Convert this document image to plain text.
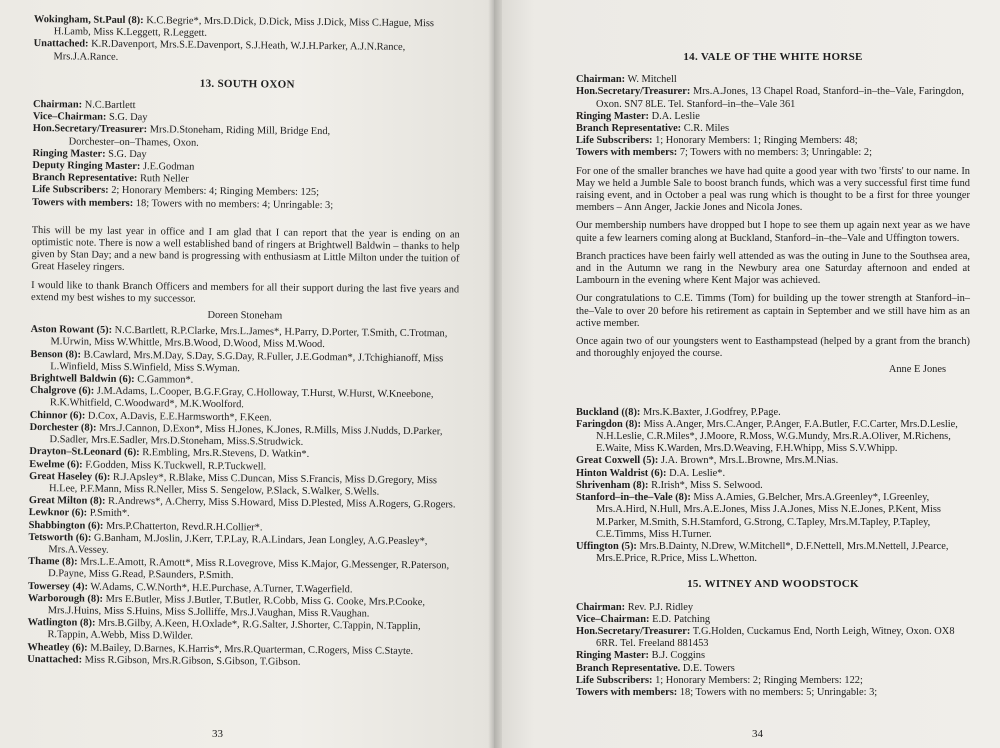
Wokingham, St.Paul (8): K.C.Begrie*, Mrs.D.Dick, D.Dick, Miss J.Dick, Miss C.Hague, Miss H.Lamb, Miss K.Leggett, R.Leggett.

Unattached: K.R.Davenport, Mrs.S.E.Davenport, S.J.Heath, W.J.H.Parker, A.J.N.Rance, Mrs.J.A.Rance.

13. SOUTH OXON

Chairman: N.C.Bartlett

Vice–Chairman: S.G. Day

Hon.Secretary/Treasurer: Mrs.D.Stoneham, Riding Mill, Bridge End,

Dorchester–on–Thames, Oxon.

Ringing Master: S.G. Day

Deputy Ringing Master: J.E.Godman

Branch Representative: Ruth Neller

Life Subscribers: 2; Honorary Members: 4; Ringing Members: 125;

Towers with members: 18; Towers with no members: 4; Unringable: 3;

This will be my last year in office and I am glad that I can report that the year is ending on an optimistic note. There is now a well established band of ringers at Brightwell Baldwin – thanks to help given by Stan Day; and a new band is progressing with enthusiasm at Little Milton under the tuition of Great Haseley ringers.

I would like to thank Branch Officers and members for all their support during the last five years and extend my best wishes to my successor.

Doreen Stoneham

Aston Rowant (5): N.C.Bartlett, R.P.Clarke, Mrs.L.James*, H.Parry, D.Porter, T.Smith, C.Trotman, M.Urwin, Miss W.Whittle, Mrs.B.Wood, D.Wood, Miss M.Wood.

Benson (8): B.Cawlard, Mrs.M.Day, S.Day, S.G.Day, R.Fuller, J.E.Godman*, J.Tchighianoff, Miss L.Winfield, Miss S.Winfield, Miss S.Wyman.

Brightwell Baldwin (6): C.Gammon*.

Chalgrove (6): J.M.Adams, L.Cooper, B.G.F.Gray, C.Holloway, T.Hurst, W.Hurst, W.Kneebone, R.K.Whitfield, C.Woodward*, M.K.Woolford.

Chinnor (6): D.Cox, A.Davis, E.E.Harmsworth*, F.Keen.

Dorchester (8): Mrs.J.Cannon, D.Exon*, Miss H.Jones, K.Jones, R.Mills, Miss J.Nudds, D.Parker, D.Sadler, Mrs.E.Sadler, Mrs.D.Stoneham, Miss.S.Strudwick.

Drayton–St.Leonard (6): R.Embling, Mrs.R.Stevens, D. Watkin*.

Ewelme (6): F.Godden, Miss K.Tuckwell, R.P.Tuckwell.

Great Haseley (6): R.J.Apsley*, R.Blake, Miss C.Duncan, Miss S.Francis, Miss D.Gregory, Miss H.Lee, P.F.Mann, Miss R.Neller, Miss S. Sengelow, P.Slack, S.Walker, S.Wells.

Great Milton (8): R.Andrews*, A.Cherry, Miss S.Howard, Miss D.Plested, Miss A.Rogers, G.Rogers.

Lewknor (6): P.Smith*.

Shabbington (6): Mrs.P.Chatterton, Revd.R.H.Collier*.

Tetsworth (6): G.Banham, M.Joslin, J.Kerr, T.P.Lay, R.A.Lindars, Jean Longley, A.G.Peasley*, Mrs.A.Vessey.

Thame (8): Mrs.L.E.Amott, R.Amott*, Miss R.Lovegrove, Miss K.Major, G.Messenger, R.Paterson, D.Payne, Miss G.Read, P.Saunders, P.Smith.

Towersey (4): W.Adams, C.W.North*, H.E.Purchase, A.Turner, T.Wagerfield.

Warborough (8): Mrs E.Butler, Miss J.Butler, T.Butler, R.Cobb, Miss G. Cooke, Mrs.P.Cooke, Mrs.J.Huins, Miss S.Huins, Miss S.Jolliffe, Mrs.J.Vaughan, Miss R.Vaughan.

Watlington (8): Mrs.B.Gilby, A.Keen, H.Oxlade*, R.G.Salter, J.Shorter, C.Tappin, N.Tapplin, R.Tappin, A.Webb, Miss D.Wilder.

Wheatley (6): M.Bailey, D.Barnes, K.Harris*, Mrs.R.Quarterman, C.Rogers, Miss C.Stayte.

Unattached: Miss R.Gibson, Mrs.R.Gibson, S.Gibson, T.Gibson.

33
14. VALE OF THE WHITE HORSE

Chairman: W. Mitchell

Hon.Secretary/Treasurer: Mrs.A.Jones, 13 Chapel Road, Stanford–in–the–Vale, Faringdon, Oxon. SN7 8LE. Tel. Stanford–in–the–Vale 361

Ringing Master: D.A. Leslie

Branch Representative: C.R. Miles

Life Subscribers: 1; Honorary Members: 1; Ringing Members: 48;

Towers with members: 7; Towers with no members: 3; Unringable: 2;

For one of the smaller branches we have had quite a good year with two 'firsts' to our name. In May we held a Jumble Sale to boost branch funds, which was a very successful first time fund raising event, and in October a peal was rung which is thought to be a first for three younger members – Ann Anger, Jackie Jones and Nicola Jones.

Our membership numbers have dropped but I hope to see them up again next year as we have quite a few learners coming along at Buckland, Stanford–in–the–Vale and Uffington towers.

Branch practices have been fairly well attended as was the outing in June to the Southsea area, and in the Autumn we rang in the Newbury area one Saturday afternoon and ended at Lambourn in the evening where Kent Major was achieved.

Our congratulations to C.E. Timms (Tom) for building up the tower strength at Stanford–in–the–Vale to over 20 before his retirement as captain in September and we still have him as an active member.

Once again two of our youngsters went to Easthampstead (helped by a grant from the branch) and thoroughly enjoyed the course.

Anne E Jones

Buckland ((8): Mrs.K.Baxter, J.Godfrey, P.Page.

Faringdon (8): Miss A.Anger, Mrs.C.Anger, P.Anger, F.A.Butler, F.C.Carter, Mrs.D.Leslie, N.H.Leslie, C.R.Miles*, J.Moore, R.Moss, W.G.Mundy, Mrs.R.A.Oliver, M.Richens, E.Waite, Miss K.Warden, Mrs.D.Weaving, F.H.Whipp, Miss S.V.Whipp.

Great Coxwell (5): J.A. Brown*, Mrs.L.Browne, Mrs.M.Nias.

Hinton Waldrist (6): D.A. Leslie*.

Shrivenham (8): R.Irish*, Miss S. Selwood.

Stanford–in–the–Vale (8): Miss A.Amies, G.Belcher, Mrs.A.Greenley*, I.Greenley, Mrs.A.Hird, N.Hull, Mrs.A.E.Jones, Miss J.A.Jones, Miss N.E.Jones, P.Kent, Miss M.Parker, M.Smith, S.H.Stamford, G.Strong, C.Tapley, Mrs.M.Tapley, P.Tapley, C.E.Timms, Miss H.Turner.

Uffington (5): Mrs.B.Dainty, N.Drew, W.Mitchell*, D.F.Nettell, Mrs.M.Nettell, J.Pearce, Mrs.E.Price, R.Price, Miss L.Whetton.

15. WITNEY AND WOODSTOCK

Chairman: Rev. P.J. Ridley

Vice–Chairman: E.D. Patching

Hon.Secretary/Treasurer: T.G.Holden, Cuckamus End, North Leigh, Witney, Oxon. OX8 6RR. Tel. Freeland 881453

Ringing Master: B.J. Coggins

Branch Representative. D.E. Towers

Life Subscribers: 1; Honorary Members: 2; Ringing Members: 122;

Towers with members: 18; Towers with no members: 5; Unringable: 3;

34
